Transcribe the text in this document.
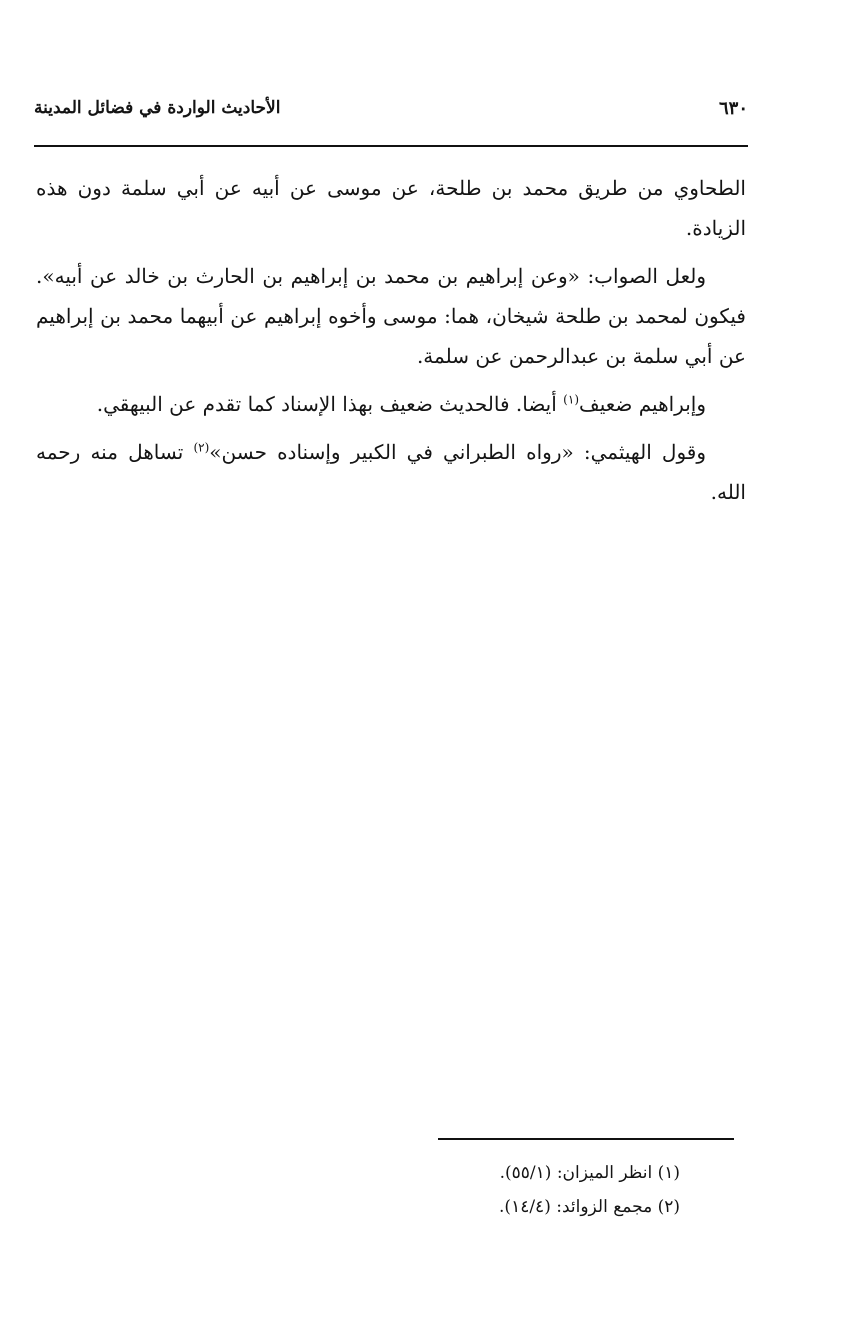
٦٣٠
الأحاديث الواردة في فضائل المدينة

الطحاوي من طريق محمد بن طلحة، عن موسى عن أبيه عن أبي سلمة دون هذه الزيادة.

ولعل الصواب: «وعن إبراهيم بن محمد بن إبراهيم بن الحارث بن خالد عن أبيه». فيكون لمحمد بن طلحة شيخان، هما: موسى وأخوه إبراهيم عن أبيهما محمد بن إبراهيم عن أبي سلمة بن عبدالرحمن عن سلمة.

وإبراهيم ضعيف$^{(١)}$ أيضا. فالحديث ضعيف بهذا الإسناد كما تقدم عن البيهقي.

وقول الهيثمي: «رواه الطبراني في الكبير وإسناده حسن»$^{(٢)}$ تساهل منه رحمه الله.

(١) انظر الميزان: (٥٥/١).
(٢) مجمع الزوائد: (١٤/٤).
